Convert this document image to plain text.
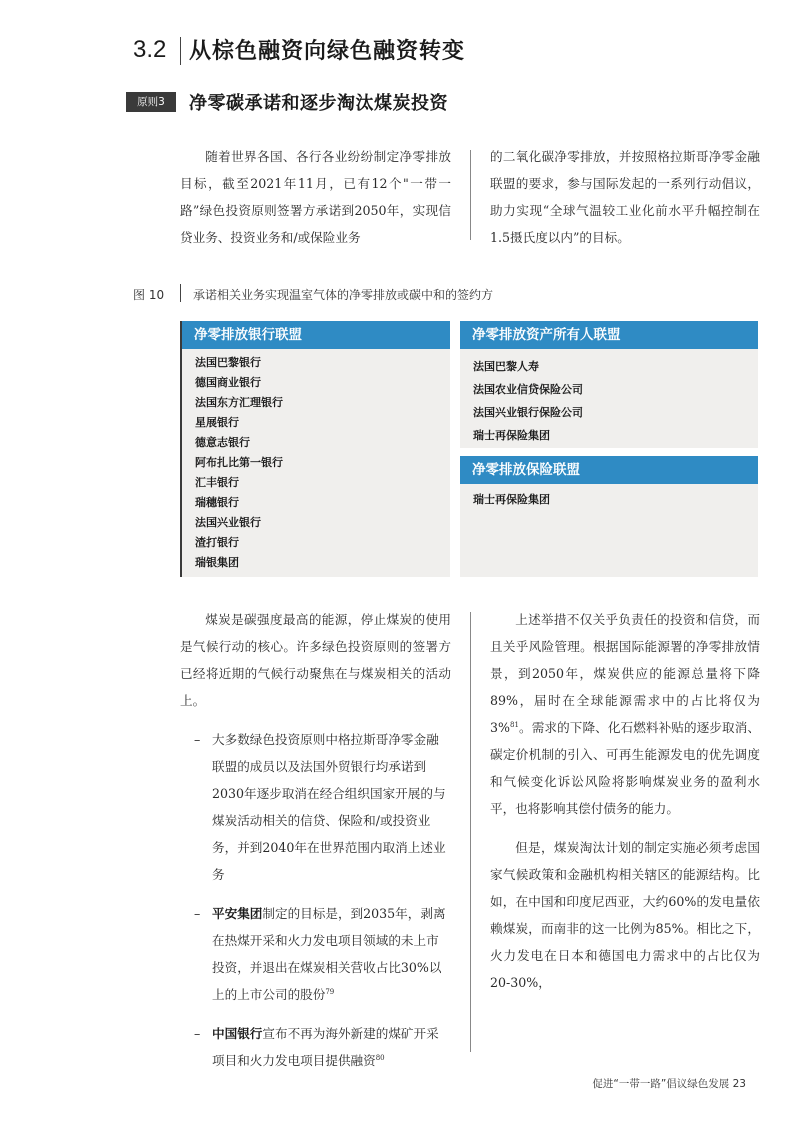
3.2 从棕色融资向绿色融资转变
原则3	净零碳承诺和逐步淘汰煤炭投资
随着世界各国、各行各业纷纷制定净零排放目标，截至2021年11月，已有12个"一带一路”绿色投资原则签署方承诺到2050年，实现信贷业务、投资业务和/或保险业务
的二氧化碳净零排放，并按照格拉斯哥净零金融联盟的要求，参与国际发起的一系列行动倡议，助力实现“全球气温较工业化前水平升幅控制在1.5摄氏度以内”的目标。
图 10 承诺相关业务实现温室气体的净零排放或碳中和的签约方
净零排放银行联盟
法国巴黎银行
德国商业银行
法国东方汇理银行
星展银行
德意志银行
阿布扎比第一银行
汇丰银行
瑞穗银行
法国兴业银行
渣打银行
瑞银集团
净零排放资产所有人联盟
法国巴黎人寿
法国农业信贷保险公司
法国兴业银行保险公司
瑞士再保险集团
净零排放保险联盟
瑞士再保险集团
煤炭是碳强度最高的能源，停止煤炭的使用是气候行动的核心。许多绿色投资原则的签署方已经将近期的气候行动聚焦在与煤炭相关的活动上。
– 大多数绿色投资原则中格拉斯哥净零金融联盟的成员以及法国外贸银行均承诺到2030年逐步取消在经合组织国家开展的与煤炭活动相关的信贷、保险和/或投资业务，并到2040年在世界范围内取消上述业务
– 平安集团制定的目标是，到2035年，剥离在热煤开采和火力发电项目领域的未上市投资，并退出在煤炭相关营收占比30%以上的上市公司的股份$^{79}$
– 中国银行宣布不再为海外新建的煤矿开采项目和火力发电项目提供融资$^{80}$
上述举措不仅关乎负责任的投资和信贷，而且关乎风险管理。根据国际能源署的净零排放情景，到2050年，煤炭供应的能源总量将下降89%，届时在全球能源需求中的占比将仅为3%$^{81}$。需求的下降、化石燃料补贴的逐步取消、碳定价机制的引入、可再生能源发电的优先调度和气候变化诉讼风险将影响煤炭业务的盈利水平，也将影响其偿付债务的能力。
但是，煤炭淘汰计划的制定实施必须考虑国家气候政策和金融机构相关辖区的能源结构。比如，在中国和印度尼西亚，大约60%的发电量依赖煤炭，而南非的这一比例为85%。相比之下，火力发电在日本和德国电力需求中的占比仅为20-30%，
促进“一带一路”倡议绿色发展 23
